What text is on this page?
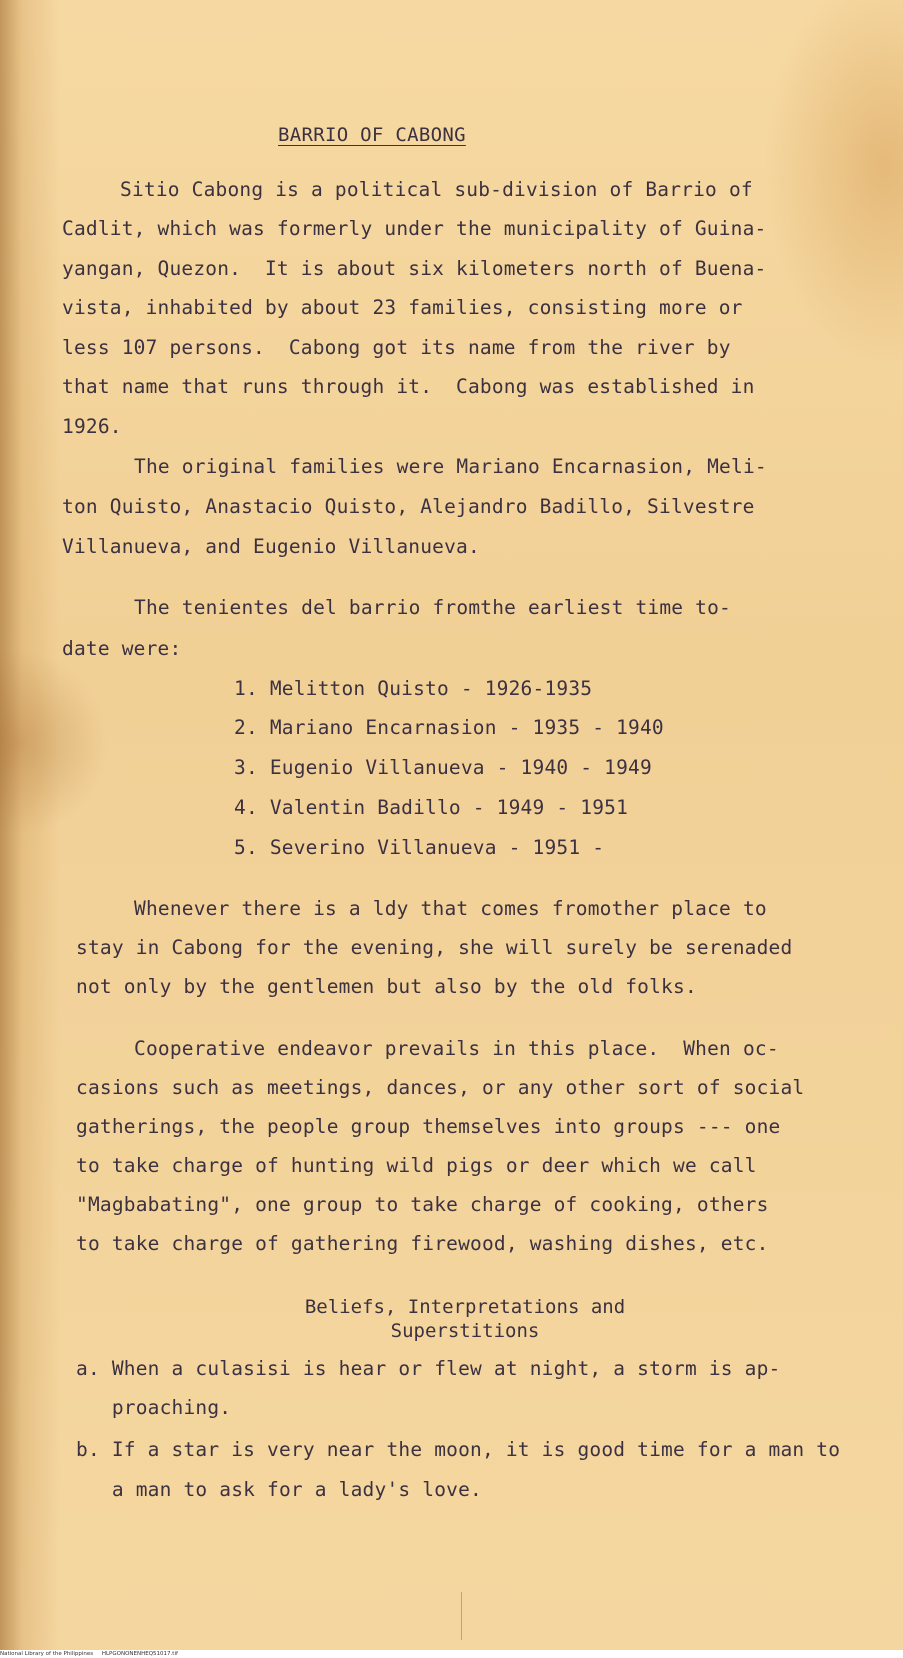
BARRIO OF CABONG
Sitio Cabong is a political sub-division of Barrio of
Cadlit, which was formerly under the municipality of Guina-
yangan, Quezon.  It is about six kilometers north of Buena-
vista, inhabited by about 23 families, consisting more or
less 107 persons.  Cabong got its name from the river by
that name that runs through it.  Cabong was established in
1926.
The original families were Mariano Encarnasion, Meli-
ton Quisto, Anastacio Quisto, Alejandro Badillo, Silvestre
Villanueva, and Eugenio Villanueva.
The tenientes del barrio fromthe earliest time to-
date were:
1. Melitton Quisto - 1926-1935
2. Mariano Encarnasion - 1935 - 1940
3. Eugenio Villanueva - 1940 - 1949
4. Valentin Badillo - 1949 - 1951
5. Severino Villanueva - 1951 -
Whenever there is a ldy that comes fromother place to
stay in Cabong for the evening, she will surely be serenaded
not only by the gentlemen but also by the old folks.
Cooperative endeavor prevails in this place.  When oc-
casions such as meetings, dances, or any other sort of social
gatherings, the people group themselves into groups --- one
to take charge of hunting wild pigs or deer which we call
"Magbabating", one group to take charge of cooking, others
to take charge of gathering firewood, washing dishes, etc.
Beliefs, Interpretations and
Superstitions
a. When a culasisi is hear or flew at night, a storm is ap-
proaching.
b. If a star is very near the moon, it is good time for a man to
a man to ask for a lady's love.
National Library of the Philippines     HLPGONONENHEQ51017.tif
